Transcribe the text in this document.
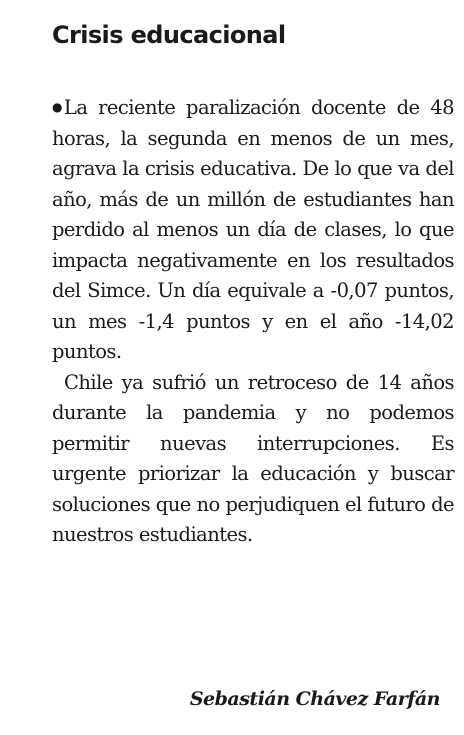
Crisis educacional

● La reciente paralización docente de 48 horas, la segunda en menos de un mes, agrava la crisis educativa. De lo que va del año, más de un millón de estudiantes han perdido al menos un día de clases, lo que impacta negativamente en los resultados del Simce. Un día equivale a -0,07 puntos, un mes -1,4 puntos y en el año -14,02 puntos.

Chile ya sufrió un retroceso de 14 años durante la pandemia y no podemos permitir nuevas interrupciones. Es urgente priorizar la educación y buscar soluciones que no perjudiquen el futuro de nuestros estudiantes.

Sebastián Chávez Farfán
